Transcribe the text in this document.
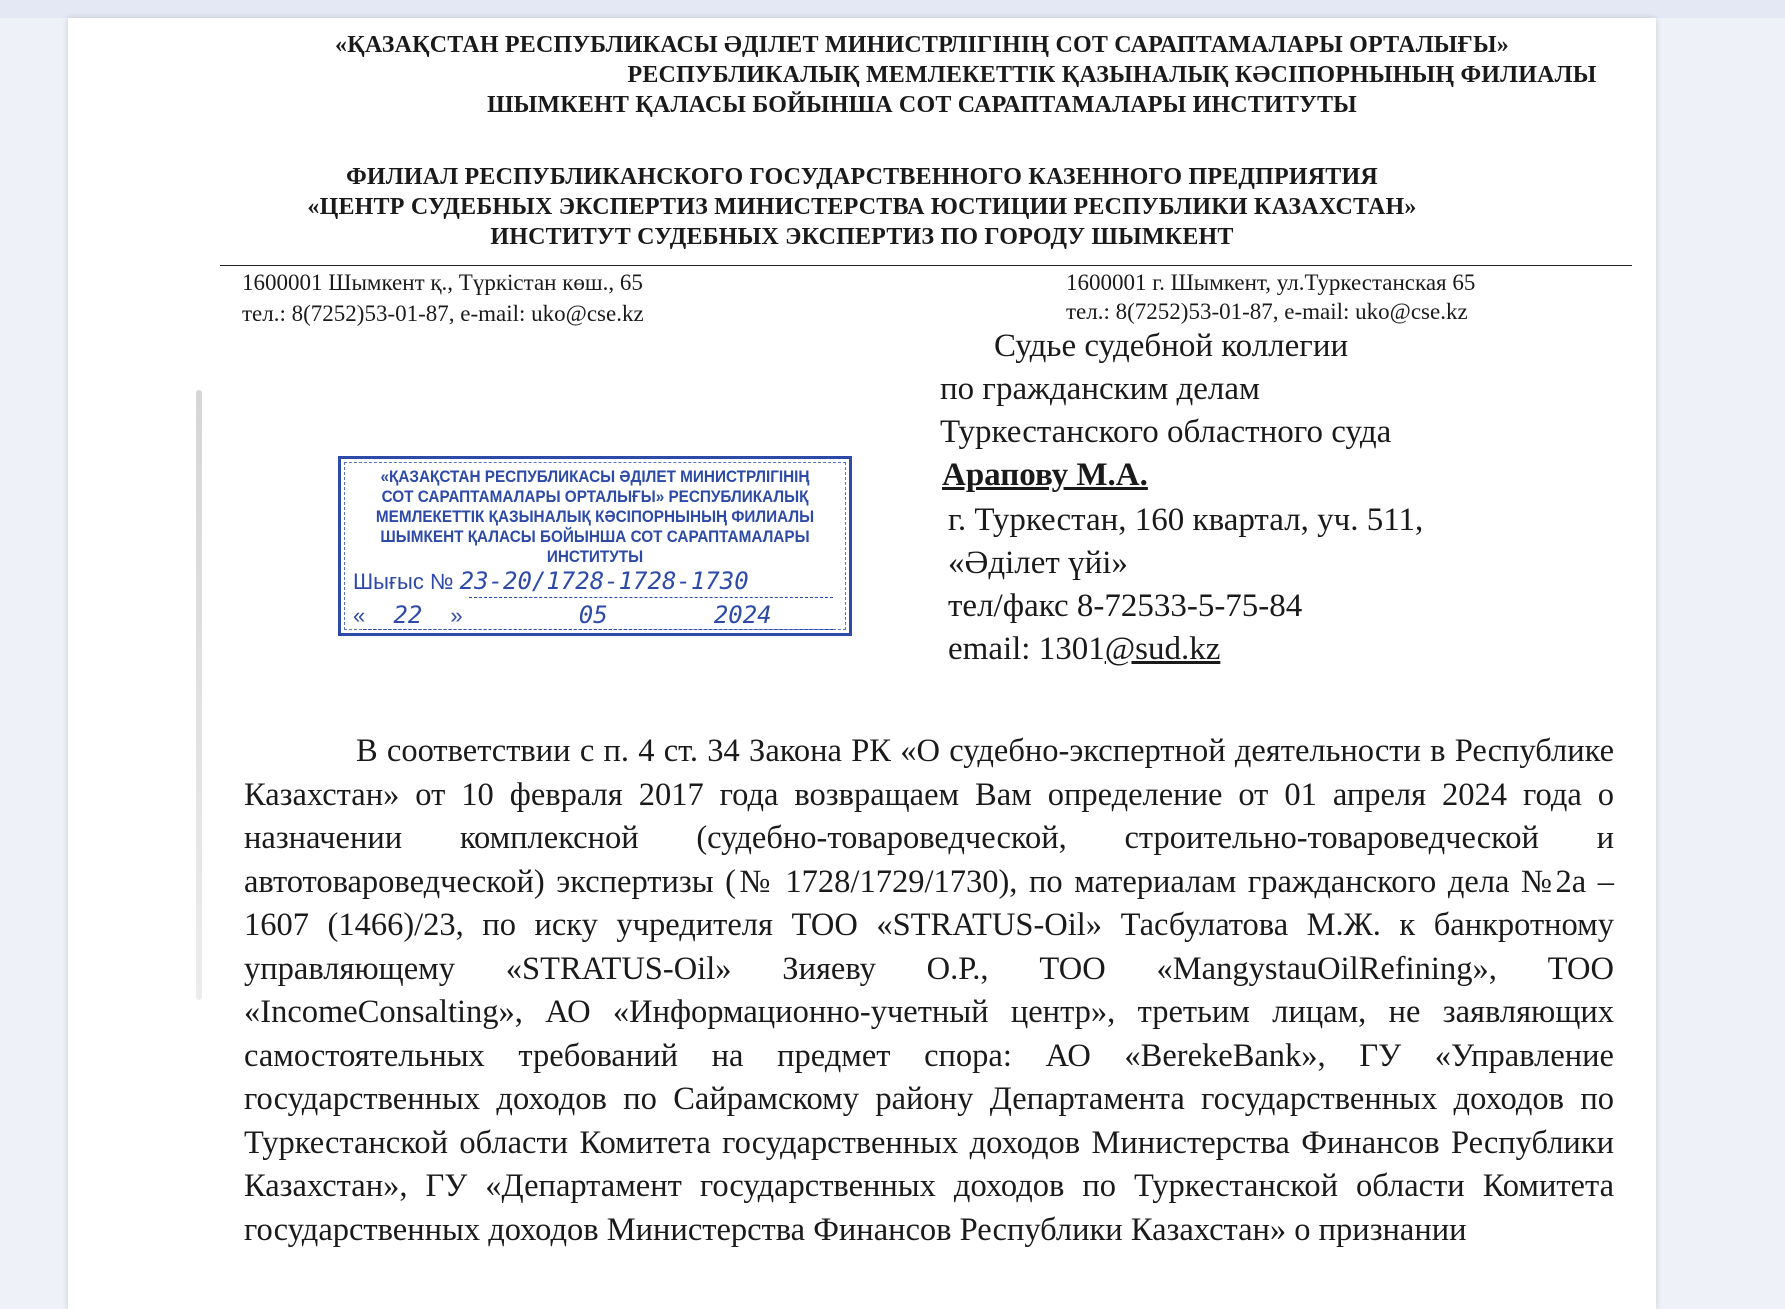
«ҚАЗАҚСТАН РЕСПУБЛИКАСЫ ӘДІЛЕТ МИНИСТРЛІГІНІҢ СОТ САРАПТАМАЛАРЫ ОРТАЛЫҒЫ»
РЕСПУБЛИКАЛЫҚ МЕМЛЕКЕТТІК ҚАЗЫНАЛЫҚ КӘСІПОРНЫНЫҢ ФИЛИАЛЫ
ШЫМКЕНТ ҚАЛАСЫ БОЙЫНША СОТ САРАПТАМАЛАРЫ ИНСТИТУТЫ
ФИЛИАЛ РЕСПУБЛИКАНСКОГО ГОСУДАРСТВЕННОГО КАЗЕННОГО ПРЕДПРИЯТИЯ
«ЦЕНТР СУДЕБНЫХ ЭКСПЕРТИЗ МИНИСТЕРСТВА ЮСТИЦИИ РЕСПУБЛИКИ КАЗАХСТАН»
ИНСТИТУТ СУДЕБНЫХ ЭКСПЕРТИЗ ПО ГОРОДУ ШЫМКЕНТ
1600001 Шымкент қ., Түркістан көш., 65
тел.: 8(7252)53-01-87, e-mail: uko@cse.kz
1600001 г. Шымкент, ул.Туркестанская 65
тел.: 8(7252)53-01-87, e-mail: uko@cse.kz
Судье судебной коллегии
по гражданским делам
Туркестанского областного суда
Арапову М.А.
г. Туркестан, 160 квартал, уч. 511,
«Әділет үйі»
тел/факс 8-72533-5-75-84
email: 1301@sud.kz
«ҚАЗАҚСТАН РЕСПУБЛИКАСЫ ӘДІЛЕТ МИНИСТРЛІГІНІҢ СОТ САРАПТАМАЛАРЫ ОРТАЛЫҒЫ» РЕСПУБЛИКАЛЫҚ МЕМЛЕКЕТТІК ҚАЗЫНАЛЫҚ КӘСІПОРНЫНЫҢ ФИЛИАЛЫ ШЫМКЕНТ ҚАЛАСЫ БОЙЫНША СОТ САРАПТАМАЛАРЫ ИНСТИТУТЫ
Шығыс № 23-20/1728-1728-1730
« 22 »	05	2024
В соответствии с п. 4 ст. 34 Закона РК «О судебно-экспертной деятельности в Республике Казахстан» от 10 февраля 2017 года возвращаем Вам определение от 01 апреля 2024 года о назначении комплексной (судебно-товароведческой, строительно-товароведческой и автотовароведческой) экспертизы (№ 1728/1729/1730), по материалам гражданского дела №2а – 1607 (1466)/23, по иску учредителя ТОО «STRATUS-Oil» Тасбулатова М.Ж. к банкротному управляющему «STRATUS-Oil» Зияеву О.Р., ТОО «MangystauOilRefining», ТОО «IncomeConsalting», АО «Информационно-учетный центр», третьим лицам, не заявляющих самостоятельных требований на предмет спора: АО «BerekeBank», ГУ «Управление государственных доходов по Сайрамскому району Департамента государственных доходов по Туркестанской области Комитета государственных доходов Министерства Финансов Республики Казахстан», ГУ «Департамент государственных доходов по Туркестанской области Комитета государственных доходов Министерства Финансов Республики Казахстан» о признании
